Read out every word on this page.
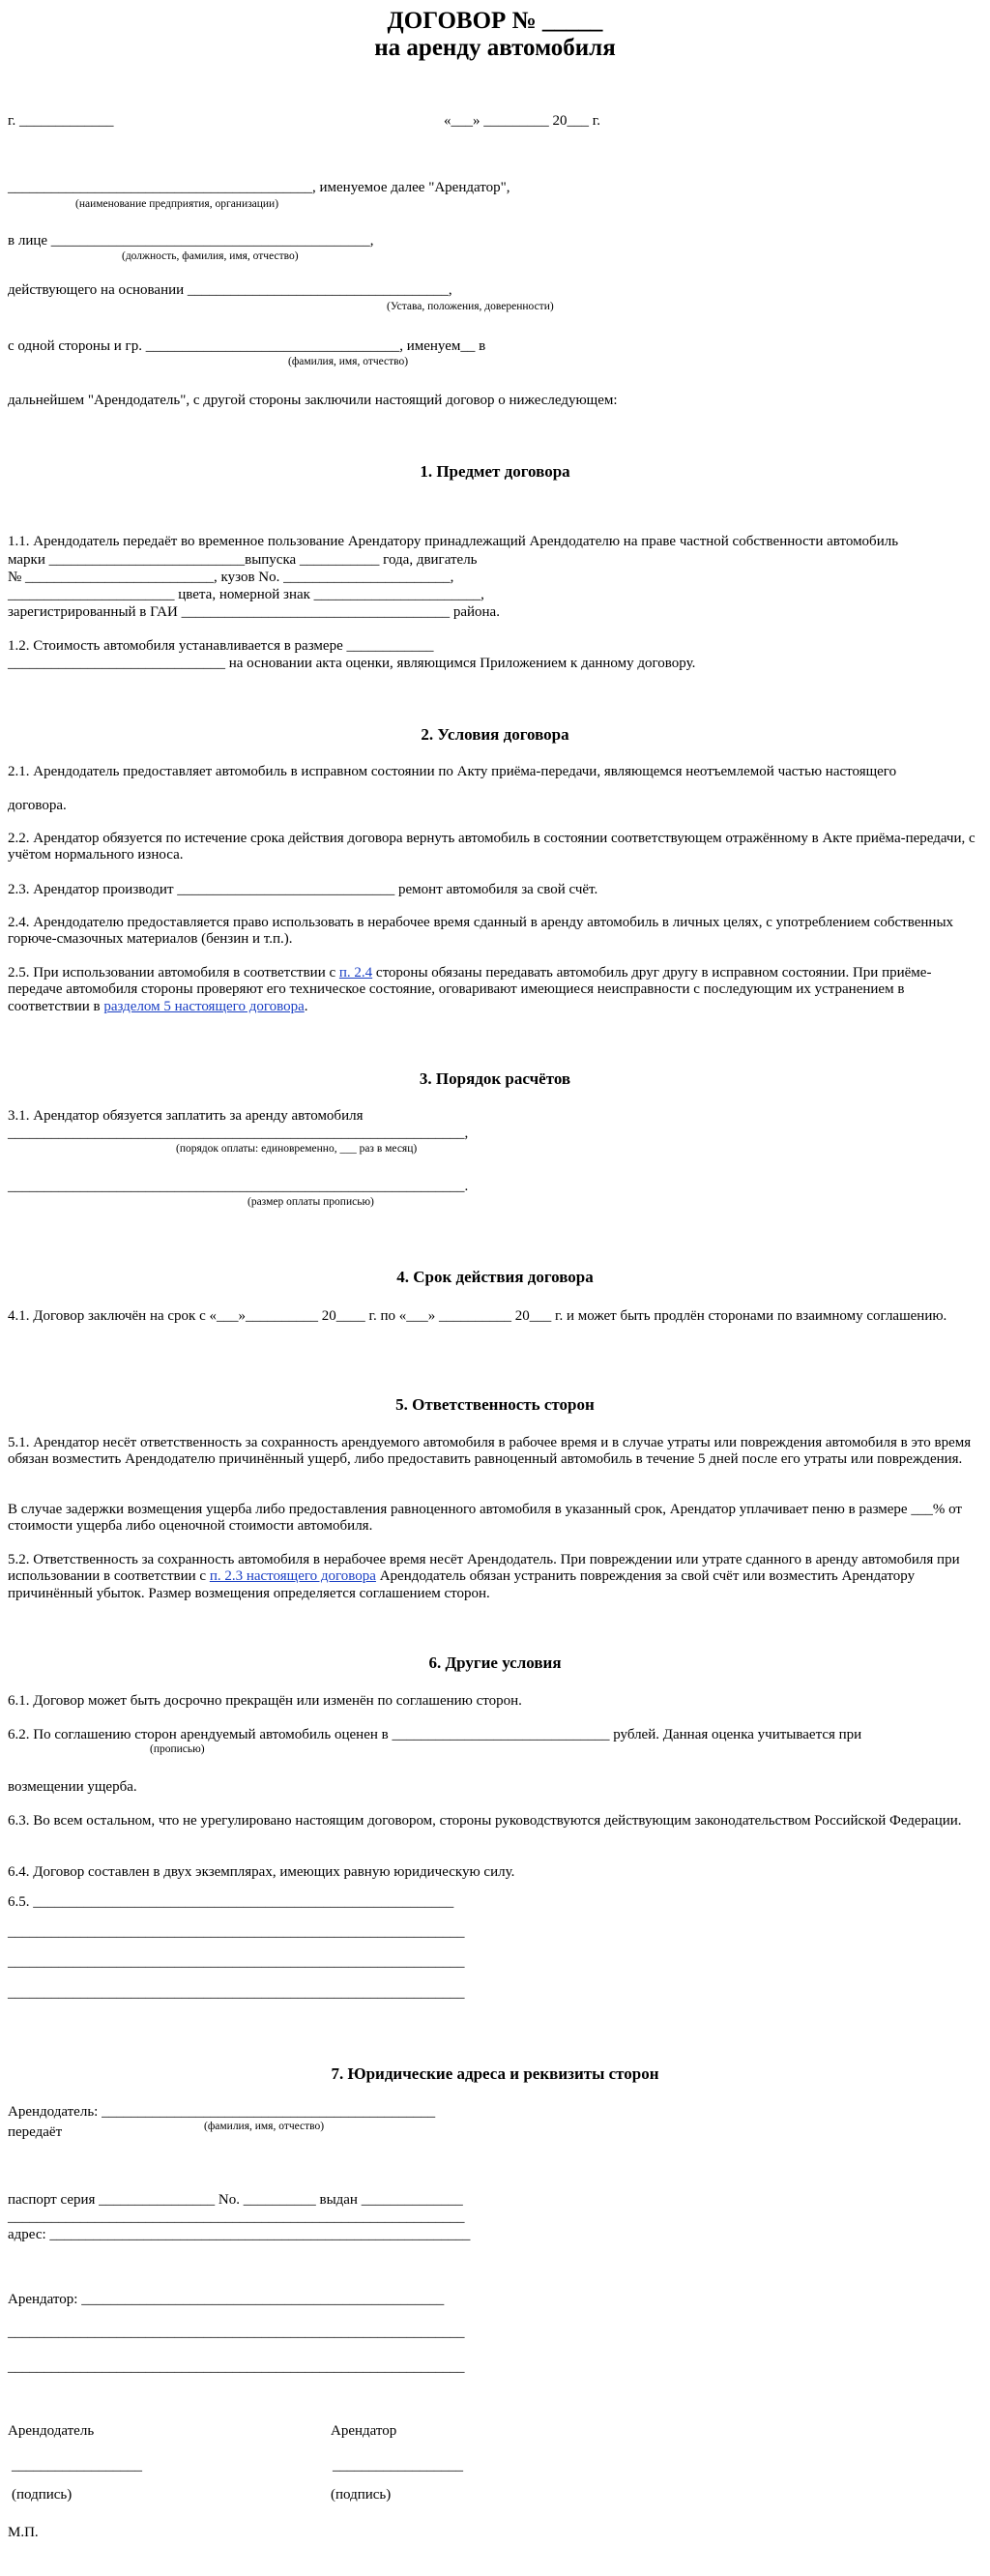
ДОГОВОР № _____
на аренду автомобиля
г. _____________	«___» _________ 20___ г.
__________________________________________, именуемое далее "Арендатор",
(наименование предприятия, организации)
в лице ____________________________________________,
(должность, фамилия, имя, отчество)
действующего на основании ____________________________________,
(Устава, положения, доверенности)
с одной стороны и гр. ___________________________________, именуем__ в
(фамилия, имя, отчество)
дальнейшем "Арендодатель", с другой стороны заключили настоящий договор о нижеследующем:
1. Предмет договора
1.1. Арендодатель передаёт во временное пользование Арендатору принадлежащий Арендодателю на праве частной собственности автомобиль
марки ___________________________выпуска ___________ года, двигатель
№ __________________________, кузов No. _______________________,
_______________________ цвета, номерной знак _______________________,
зарегистрированный в ГАИ _____________________________________ района.
1.2. Стоимость автомобиля устанавливается в размере ____________
______________________________ на основании акта оценки, являющимся Приложением к данному договору.
2. Условия договора
2.1. Арендодатель предоставляет автомобиль в исправном состоянии по Акту приёма-передачи, являющемся неотъемлемой частью настоящего
договора.
2.2. Арендатор обязуется по истечение срока действия договора вернуть автомобиль в состоянии соответствующем отражённому в Акте приёма-передачи, с учётом нормального износа.
2.3. Арендатор производит ______________________________ ремонт автомобиля за свой счёт.
2.4. Арендодателю предоставляется право использовать в нерабочее время сданный в аренду автомобиль в личных целях, с употреблением собственных горюче-смазочных материалов (бензин и т.п.).
2.5. При использовании автомобиля в соответствии с п. 2.4 стороны обязаны передавать автомобиль друг другу в исправном состоянии. При приёме-передаче автомобиля стороны проверяют его техническое состояние, оговаривают имеющиеся неисправности с последующим их устранением в соответствии в разделом 5 настоящего договора.
3. Порядок расчётов
3.1. Арендатор обязуется заплатить за аренду автомобиля
_______________________________________________________________,
(порядок оплаты: единовременно, ___ раз в месяц)
_______________________________________________________________.
(размер оплаты прописью)
4. Срок действия договора
4.1. Договор заключён на срок с «___»__________ 20____ г. по «___» __________ 20___ г. и может быть продлён сторонами по взаимному соглашению.
5. Ответственность сторон
5.1. Арендатор несёт ответственность за сохранность арендуемого автомобиля в рабочее время и в случае утраты или повреждения автомобиля в это время обязан возместить Арендодателю причинённый ущерб, либо предоставить равноценный автомобиль в течение 5 дней после его утраты или повреждения.
В случае задержки возмещения ущерба либо предоставления равноценного автомобиля в указанный срок, Арендатор уплачивает пеню в размере ___% от стоимости ущерба либо оценочной стоимости автомобиля.
5.2. Ответственность за сохранность автомобиля в нерабочее время несёт Арендодатель. При повреждении или утрате сданного в аренду автомобиля при использовании в соответствии с п. 2.3 настоящего договора Арендодатель обязан устранить повреждения за свой счёт или возместить Арендатору причинённый убыток. Размер возмещения определяется соглашением сторон.
6. Другие условия
6.1. Договор может быть досрочно прекращён или изменён по соглашению сторон.
6.2. По соглашению сторон арендуемый автомобиль оценен в ______________________________ рублей. Данная оценка учитывается при
(прописью)
возмещении ущерба.
6.3. Во всем остальном, что не урегулировано настоящим договором, стороны руководствуются действующим законодательством Российской Федерации.
6.4. Договор составлен в двух экземплярах, имеющих равную юридическую силу.
6.5. __________________________________________________________
_______________________________________________________________
_______________________________________________________________
_______________________________________________________________
7. Юридические адреса и реквизиты сторон
Арендодатель: ______________________________________________
передаёт	(фамилия, имя, отчество)
паспорт серия ________________ No. __________ выдан ______________
_______________________________________________________________
адрес: __________________________________________________________
Арендатор: __________________________________________________
_______________________________________________________________
_______________________________________________________________
Арендодатель	Арендатор
__________________	__________________
(подпись)	(подпись)
М.П.
